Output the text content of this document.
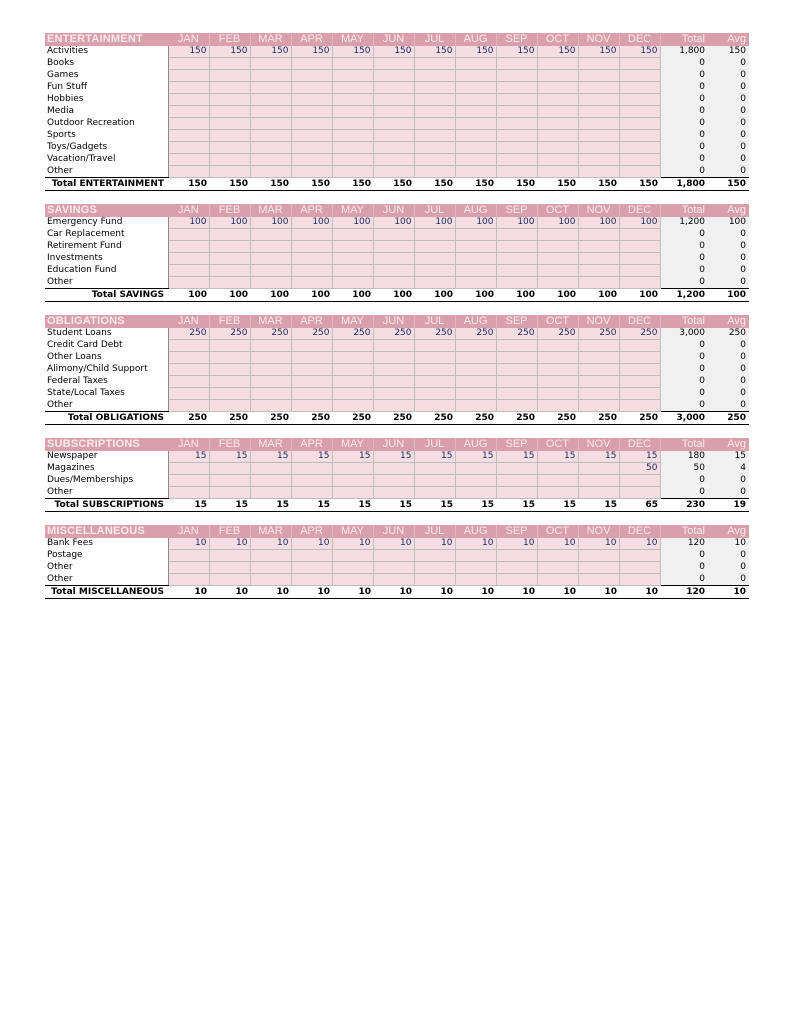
ENTERTAINMENT	JAN	FEB	MAR	APR	MAY	JUN	JUL	AUG	SEP	OCT	NOV	DEC	Total	Avg
Activities	150	150	150	150	150	150	150	150	150	150	150	150	1,800	150
Books													0	0
Games													0	0
Fun Stuff													0	0
Hobbies													0	0
Media													0	0
Outdoor Recreation													0	0
Sports													0	0
Toys/Gadgets													0	0
Vacation/Travel													0	0
Other													0	0
Total ENTERTAINMENT	150	150	150	150	150	150	150	150	150	150	150	150	1,800	150
SAVINGS	JAN	FEB	MAR	APR	MAY	JUN	JUL	AUG	SEP	OCT	NOV	DEC	Total	Avg
Emergency Fund	100	100	100	100	100	100	100	100	100	100	100	100	1,200	100
Car Replacement													0	0
Retirement Fund													0	0
Investments													0	0
Education Fund													0	0
Other													0	0
Total SAVINGS	100	100	100	100	100	100	100	100	100	100	100	100	1,200	100
OBLIGATIONS	JAN	FEB	MAR	APR	MAY	JUN	JUL	AUG	SEP	OCT	NOV	DEC	Total	Avg
Student Loans	250	250	250	250	250	250	250	250	250	250	250	250	3,000	250
Credit Card Debt													0	0
Other Loans													0	0
Alimony/Child Support													0	0
Federal Taxes													0	0
State/Local Taxes													0	0
Other													0	0
Total OBLIGATIONS	250	250	250	250	250	250	250	250	250	250	250	250	3,000	250
SUBSCRIPTIONS	JAN	FEB	MAR	APR	MAY	JUN	JUL	AUG	SEP	OCT	NOV	DEC	Total	Avg
Newspaper	15	15	15	15	15	15	15	15	15	15	15	15	180	15
Magazines												50	50	4
Dues/Memberships													0	0
Other													0	0
Total SUBSCRIPTIONS	15	15	15	15	15	15	15	15	15	15	15	65	230	19
MISCELLANEOUS	JAN	FEB	MAR	APR	MAY	JUN	JUL	AUG	SEP	OCT	NOV	DEC	Total	Avg
Bank Fees	10	10	10	10	10	10	10	10	10	10	10	10	120	10
Postage													0	0
Other													0	0
Other													0	0
Total MISCELLANEOUS	10	10	10	10	10	10	10	10	10	10	10	10	120	10
